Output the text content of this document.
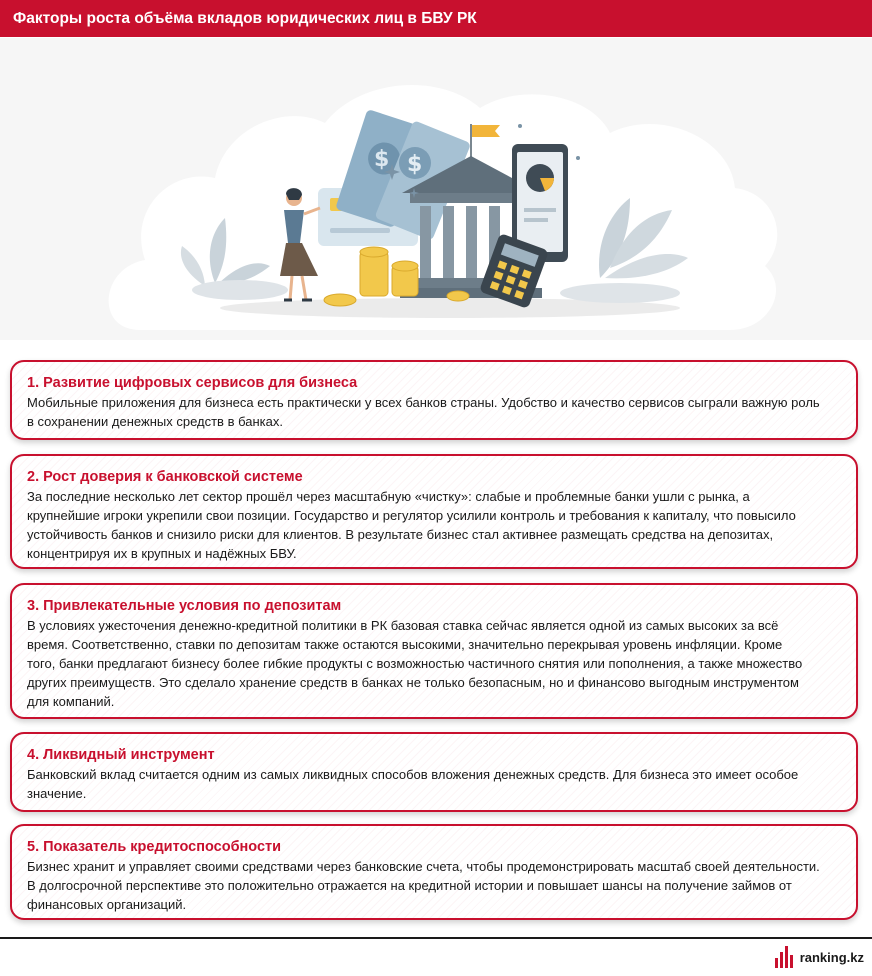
Факторы роста объёма вкладов юридических лиц в БВУ РК
$ $
1. Развитие цифровых сервисов для бизнеса
Мобильные приложения для бизнеса есть практически у всех банков страны. Удобство и качество сервисов сыграли важную роль
в сохранении денежных средств в банках.
2. Рост доверия к банковской системе
За последние несколько лет сектор прошёл через масштабную «чистку»: слабые и проблемные банки ушли с рынка, а
крупнейшие игроки укрепили свои позиции. Государство и регулятор усилили контроль и требования к капиталу, что повысило
устойчивость банков и снизило риски для клиентов. В результате бизнес стал активнее размещать средства на депозитах,
концентрируя их в крупных и надёжных БВУ.
3. Привлекательные условия по депозитам
В условиях ужесточения денежно-кредитной политики в РК базовая ставка сейчас является одной из самых высоких за всё
время. Соответственно, ставки по депозитам также остаются высокими, значительно перекрывая уровень инфляции. Кроме
того, банки предлагают бизнесу более гибкие продукты с возможностью частичного снятия или пополнения, а также множество
других преимуществ. Это сделало хранение средств в банках не только безопасным, но и финансово выгодным инструментом
для компаний.
4. Ликвидный инструмент
Банковский вклад считается одним из самых ликвидных способов вложения денежных средств. Для бизнеса это имеет особое
значение.
5. Показатель кредитоспособности
Бизнес хранит и управляет своими средствами через банковские счета, чтобы продемонстрировать масштаб своей деятельности.
В долгосрочной перспективе это положительно отражается на кредитной истории и повышает шансы на получение займов от
финансовых организаций.
ranking.kz
